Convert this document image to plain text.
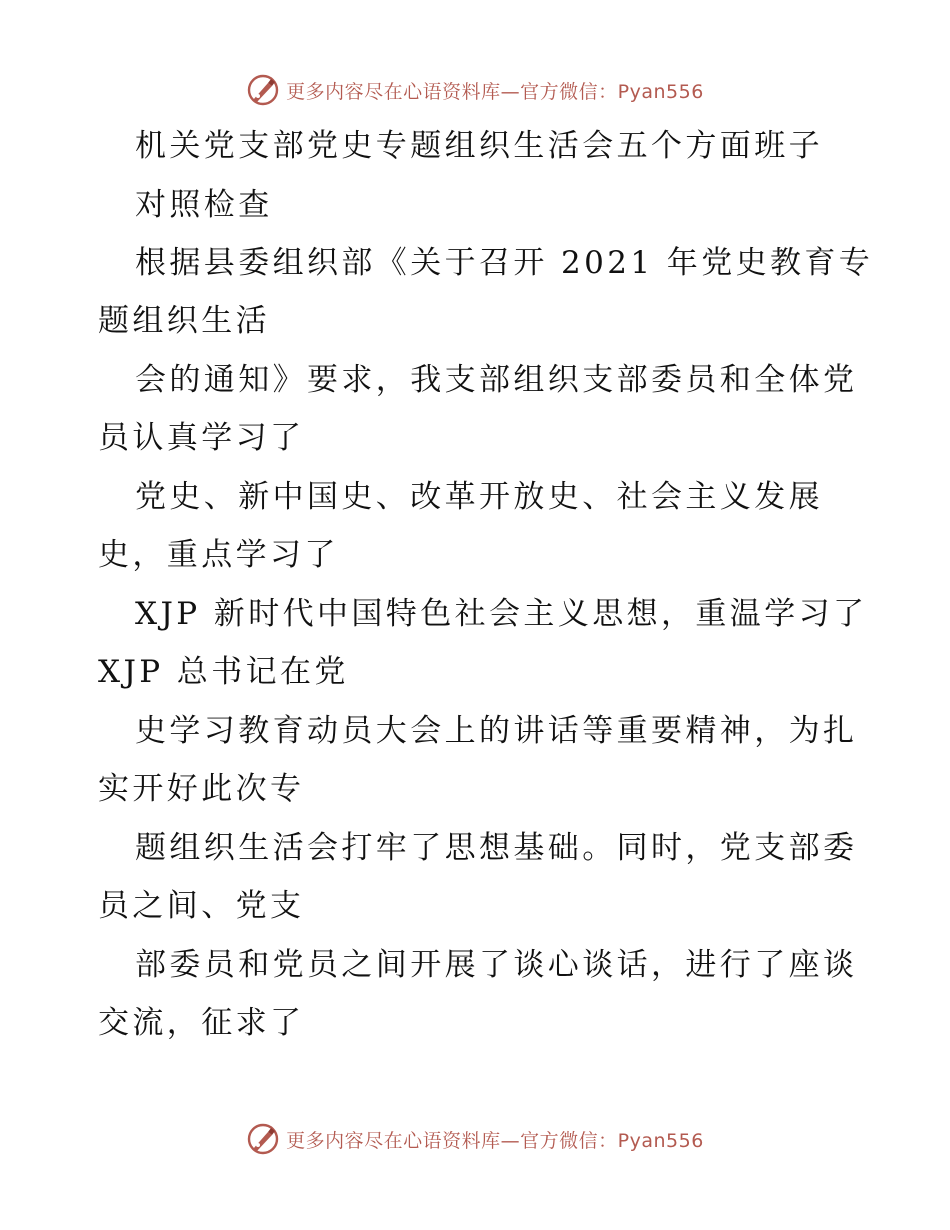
更多内容尽在心语资料库—官方微信：Pyan556
机关党支部党史专题组织生活会五个方面班子
对照检查
根据县委组织部《关于召开 2021 年党史教育专
题组织生活
会的通知》要求，我支部组织支部委员和全体党
员认真学习了
党史、新中国史、改革开放史、社会主义发展
史，重点学习了
XJP 新时代中国特色社会主义思想，重温学习了
XJP 总书记在党
史学习教育动员大会上的讲话等重要精神，为扎
实开好此次专
题组织生活会打牢了思想基础。同时，党支部委
员之间、党支
部委员和党员之间开展了谈心谈话，进行了座谈
交流，征求了
更多内容尽在心语资料库—官方微信：Pyan556
